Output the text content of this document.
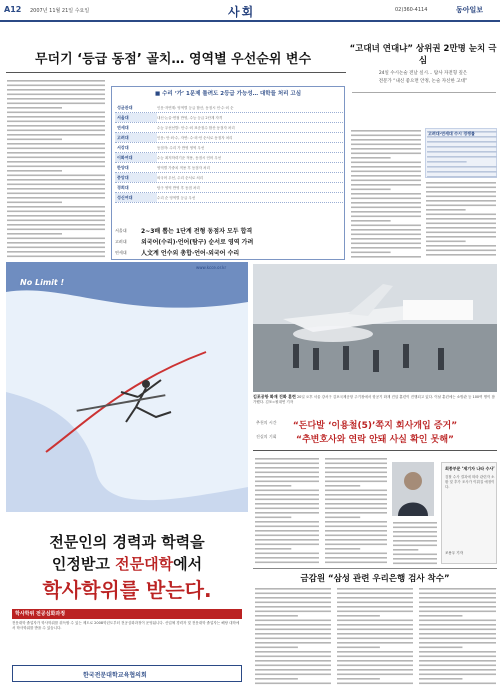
A12 2007년 11월 21일 수요일	사회	02)360-4114	동아일보
무더기 ‘등급 동점’ 골치… 영역별 우선순위 변수
■ 수리 ‘가’ 1문제 틀려도 2등급 가능성… 대학들 처리 고심
성균관대	인문·자연계: 영역별 등급 합산, 동점시 언·수·외 순
서울대	내신·논술·면접 반영, 수능 등급 2단계 자격
연세대	수능 우선선발: 언·수·외 표준점수 합산 동점자 처리
고려대	인문: 언·외·수, 자연: 수·외·언 순서로 동점자 처리
서강대	동점자: 수리 가 반영 영역 우선
이화여대	수능 최저학력기준 적용, 동점시 언어 우선
한양대	영역별 가중치 적용 후 동점자 처리
중앙대	외국어 우선, 수리 순서로 처리
경희대	탐구 영역 반영 후 동점 처리
성신여대	수리 순 영역별 등급 우선
서울대	2~3배 뽑는 1단계 전형 동점자 모두 합격
고려대	외국어(수리)·언어(탐구) 순서로 영역 가려
연세대	人文계 언수외 총합·언어·외국어 수리
No Limit !
www.kcce.or.kr
전문인의 경력과 학력을
인정받고 전문대학에서
학사학위를 받는다.
학사학위 전공심화과정
전문대학 졸업자가 학사학위를 취득할 수 있는 제도로 2008학년도부터 전공심화과정이 운영됩니다. 산업체 경력자 및 전문대학 졸업자는 해당 대학에서 학사학위를 받을 수 있습니다.
한국전문대학교육협의회
“고대녀 연대냐” 상위권 2만명 눈치 극심
24일 수시논술 전날 실시… 탐사 자전형 깊은
전문가 “내신 좋으면 안정, 논술 자신한 고대”
고려대·연세대 수시 경쟁률
김포공항 화재 진화 훈련 20일 오후 서울 강서구 김포국제공항 주기장에서 항공기 화재 진압 훈련이 진행되고 있다. 이날 훈련에는 소방관 등 100여 명이 참가했다. 김포=원대연 기자
추천의 시간	“돈다발 ‘이용철(5)’쪽지 회사개입 증거”
진실의 기회	“추변호사와 연락 안돼 사실 확인 못해”
최종부문 ‘제기자 나타 수사’
검찰 수사 결과에 따라 관련자 소환 및 추가 조사가 이뤄질 예정이다.
조용우 기자
금감원 “삼성 관련 우리은행 검사 착수”
